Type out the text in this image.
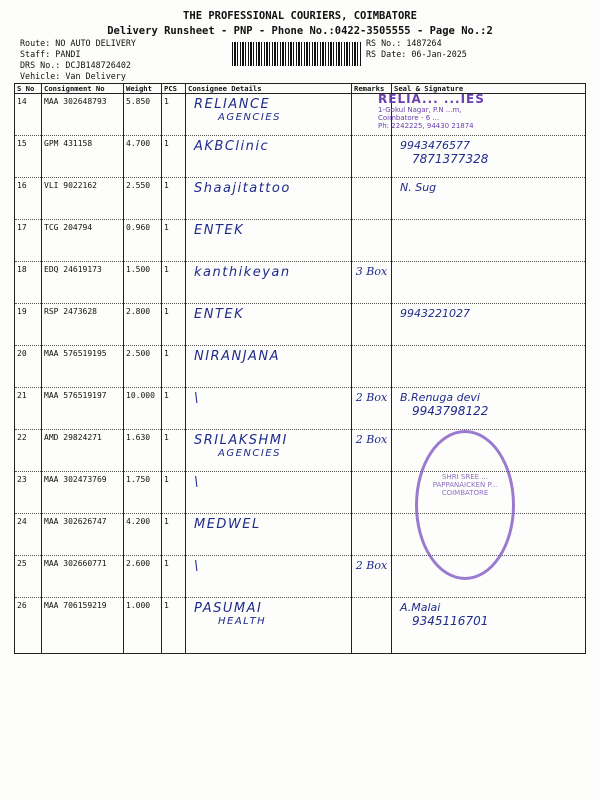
THE PROFESSIONAL COURIERS, COIMBATORE
Delivery Runsheet - PNP - Phone No.:0422-3505555 - Page No.:2
Route: NO AUTO DELIVERY
Staff: PANDI
DRS No.: DCJB148726402
Vehicle: Van Delivery
RS No.: 1487264
RS Date: 06-Jan-2025
S No	Consignment No	Weight	PCS	Consignee Details	Remarks	Seal & Signature
14	MAA 302648793	5.850	1	RELIANCE
AGENCIES		

15	GPM 431158	4.700	1	AKBClinic		9943476577
7871377328

16	VLI 9022162	2.550	1	Shaajitattoo		N. Sug

17	TCG 204794	0.960	1	ENTEK

18	EDQ 24619173	1.500	1	kanthikeyan	3 Box	

19	RSP 2473628	2.800	1	ENTEK		9943221027

20	MAA 576519195	2.500	1	NIRANJANA

21	MAA 576519197	10.000	1	\	2 Box	B.Renuga devi
9943798122

22	AMD 29824271	1.630	1	SRILAKSHMI
AGENCIES	2 Box	

23	MAA 302473769	1.750	1	\

24	MAA 302626747	4.200	1	MEDWEL

25	MAA 302660771	2.600	1	\	2 Box	

26	MAA 706159219	1.000	1	PASUMAI
HEALTH		A.Malai
9345116701
RELIA... ...IES
1-Gokul Nagar, P.N ...m,
Coimbatore - 6 ...
Ph: 2242225, 94430 21874
SHRI SREE ...
PAPPANAICKEN P...
COIMBATORE
